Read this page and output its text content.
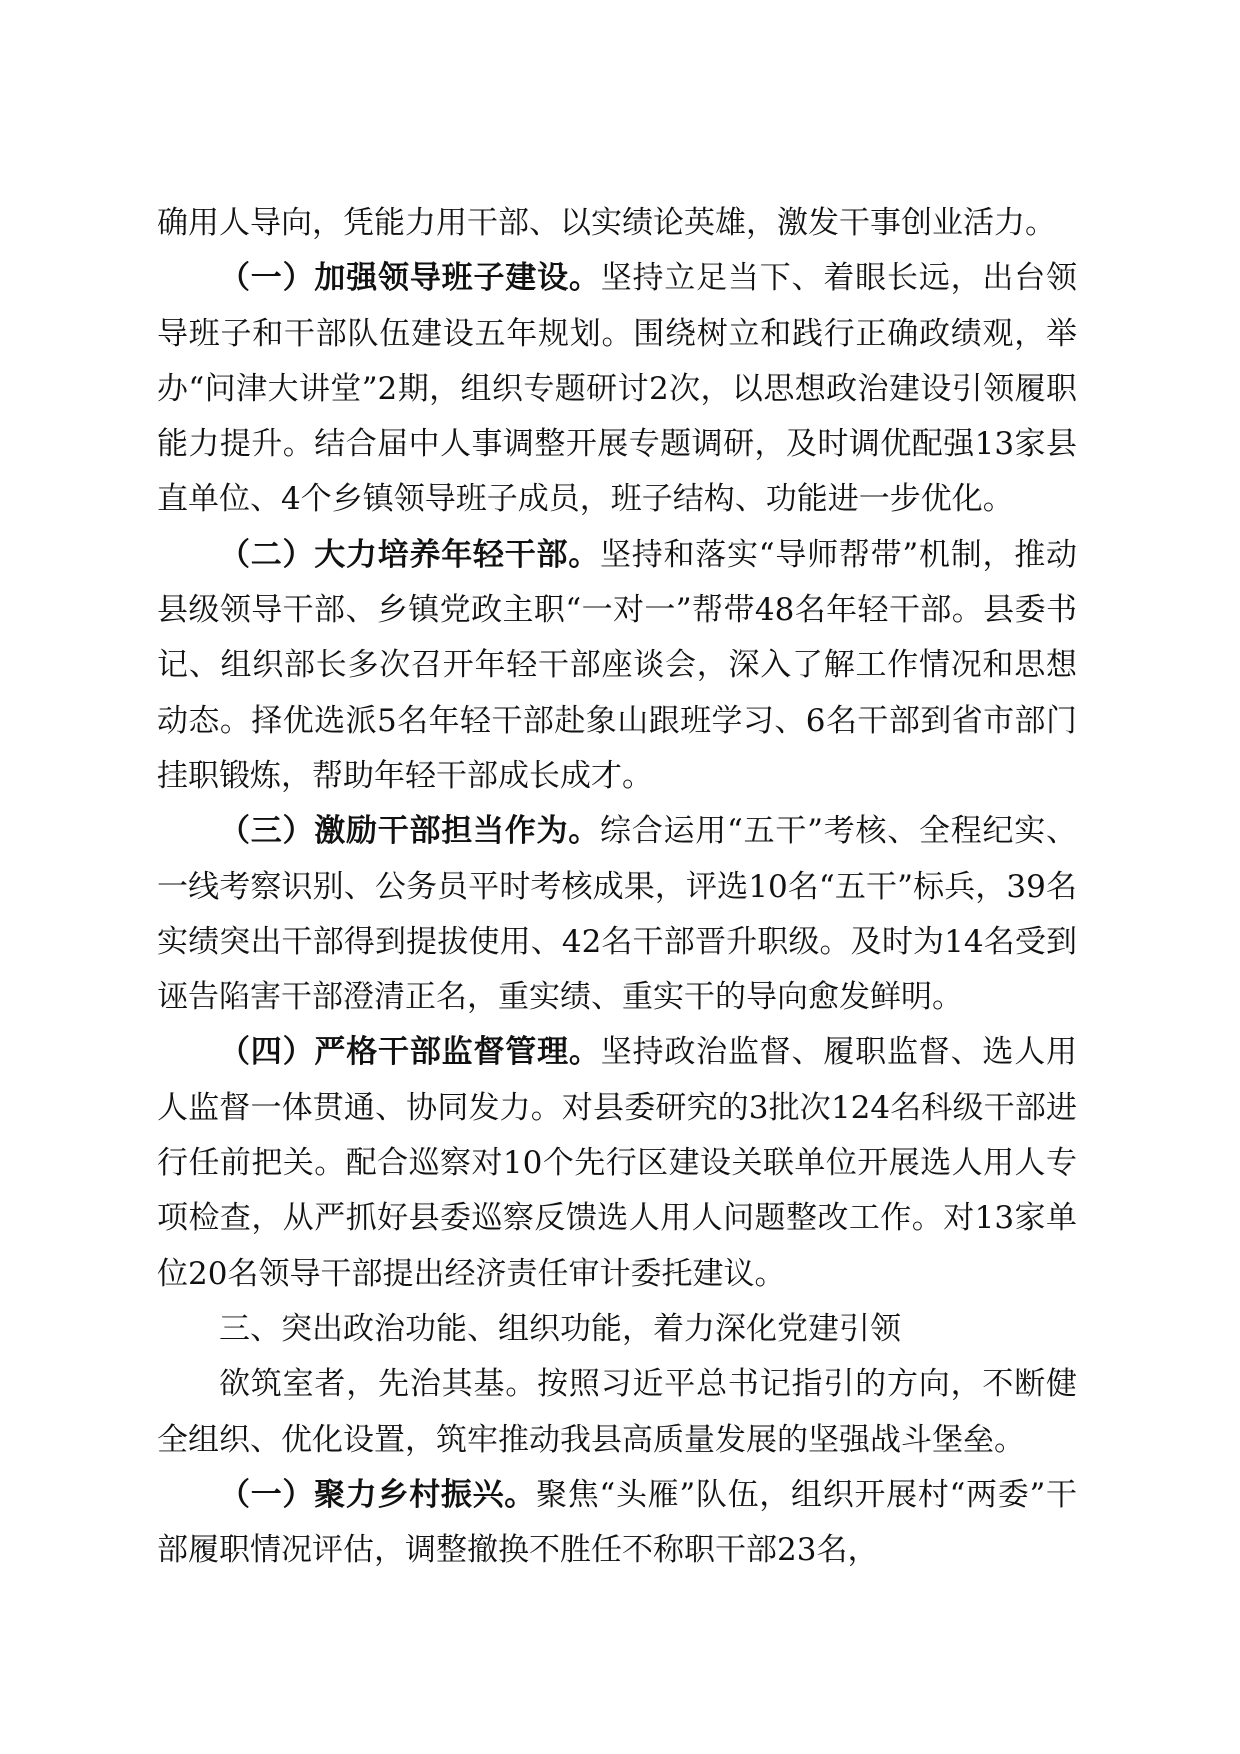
确用人导向，凭能力用干部、以实绩论英雄，激发干事创业活力。

（一）加强领导班子建设。坚持立足当下、着眼长远，出台领导班子和干部队伍建设五年规划。围绕树立和践行正确政绩观，举办“问津大讲堂”2期，组织专题研讨2次，以思想政治建设引领履职能力提升。结合届中人事调整开展专题调研，及时调优配强13家县直单位、4个乡镇领导班子成员，班子结构、功能进一步优化。

（二）大力培养年轻干部。坚持和落实“导师帮带”机制，推动县级领导干部、乡镇党政主职“一对一”帮带48名年轻干部。县委书记、组织部长多次召开年轻干部座谈会，深入了解工作情况和思想动态。择优选派5名年轻干部赴象山跟班学习、6名干部到省市部门挂职锻炼，帮助年轻干部成长成才。

（三）激励干部担当作为。综合运用“五干”考核、全程纪实、一线考察识别、公务员平时考核成果，评选10名“五干”标兵，39名实绩突出干部得到提拔使用、42名干部晋升职级。及时为14名受到诬告陷害干部澄清正名，重实绩、重实干的导向愈发鲜明。

（四）严格干部监督管理。坚持政治监督、履职监督、选人用人监督一体贯通、协同发力。对县委研究的3批次124名科级干部进行任前把关。配合巡察对10个先行区建设关联单位开展选人用人专项检查，从严抓好县委巡察反馈选人用人问题整改工作。对13家单位20名领导干部提出经济责任审计委托建议。

三、突出政治功能、组织功能，着力深化党建引领

欲筑室者，先治其基。按照习近平总书记指引的方向，不断健全组织、优化设置，筑牢推动我县高质量发展的坚强战斗堡垒。

（一）聚力乡村振兴。聚焦“头雁”队伍，组织开展村“两委”干部履职情况评估，调整撤换不胜任不称职干部23名，
